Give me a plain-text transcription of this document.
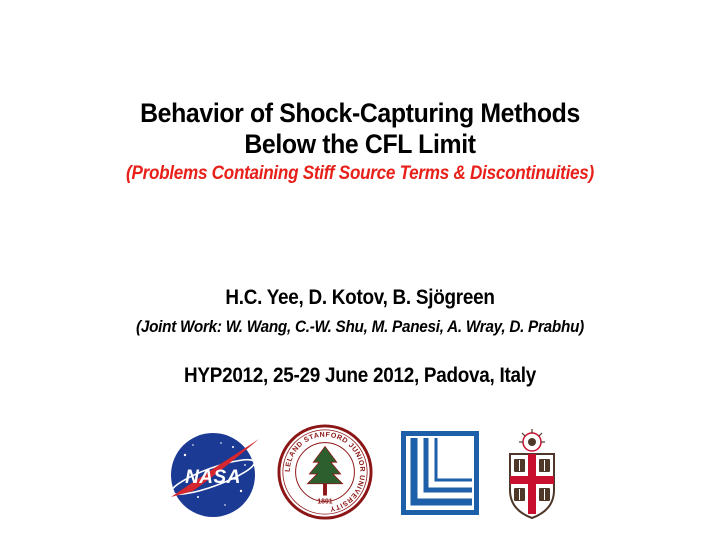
Behavior of Shock-Capturing Methods
Below the CFL Limit
(Problems Containing Stiff Source Terms & Discontinuities)
H.C. Yee, D. Kotov, B. Sjögreen
(Joint Work: W. Wang, C.-W. Shu, M. Panesi, A. Wray, D. Prabhu)
HYP2012, 25-29 June 2012, Padova, Italy
NASA	LELAND STANFORD JUNIOR UNIVERSITY
1891
